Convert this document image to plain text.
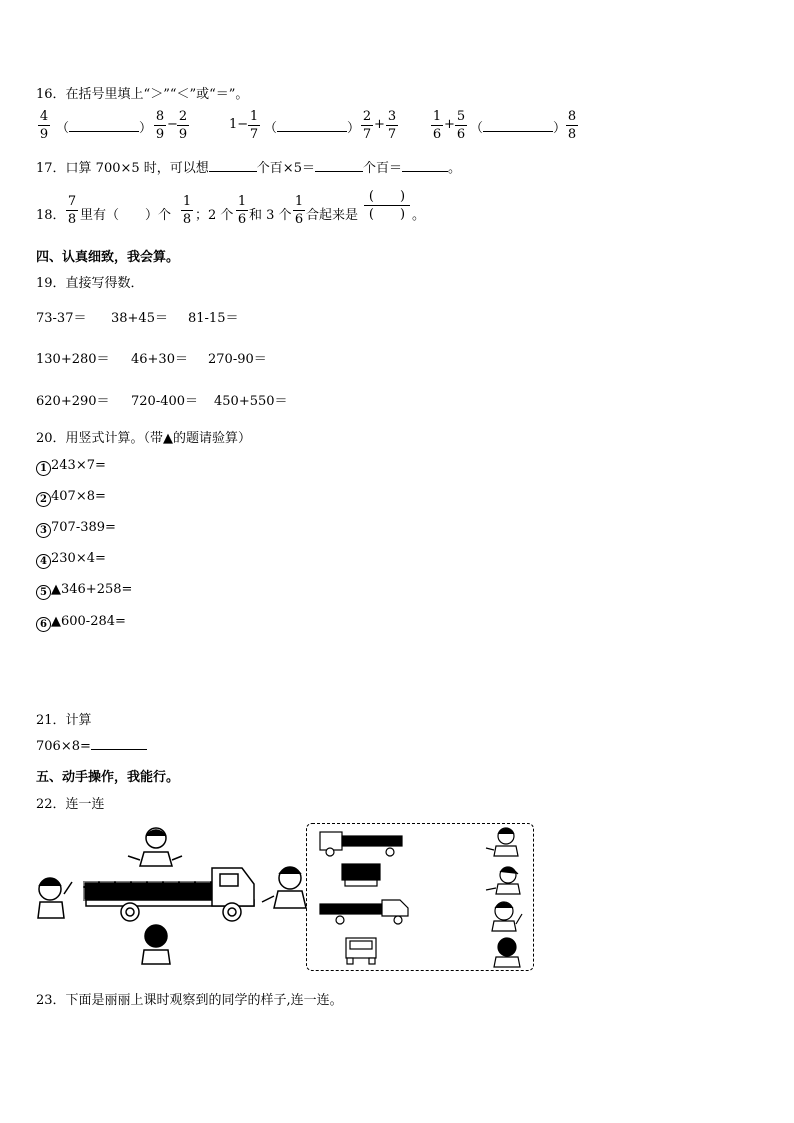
16．在括号里填上“＞”“＜”或“＝”。
4
9 （	）
8
9
−
2
9
1−
1
7 （	）
2
7
+
3
7
1
6
+
5
6 （	）
8
8
17．口算 700×5 时，可以想	个百×5＝	个百＝	。
18．
7
8 里有（　　）个
1
8 ；2 个
1
6 和 3 个
1
6 合起来是
(　　)
(　　) 。
四、认真细致，我会算。
19．直接写得数．
73-37＝ 38+45＝ 81-15＝
130+280＝ 46+30＝ 270-90＝
620+290＝ 720-400＝ 450+550＝
20．用竖式计算。（带▲的题请验算）
1 243×7=
2 407×8=
3 707-389=
4 230×4=
5 ▲346+258=
6 ▲600-284=
21．计算
706×8=
五、动手操作，我能行。
22．连一连
23．下面是丽丽上课时观察到的同学的样子,连一连。
